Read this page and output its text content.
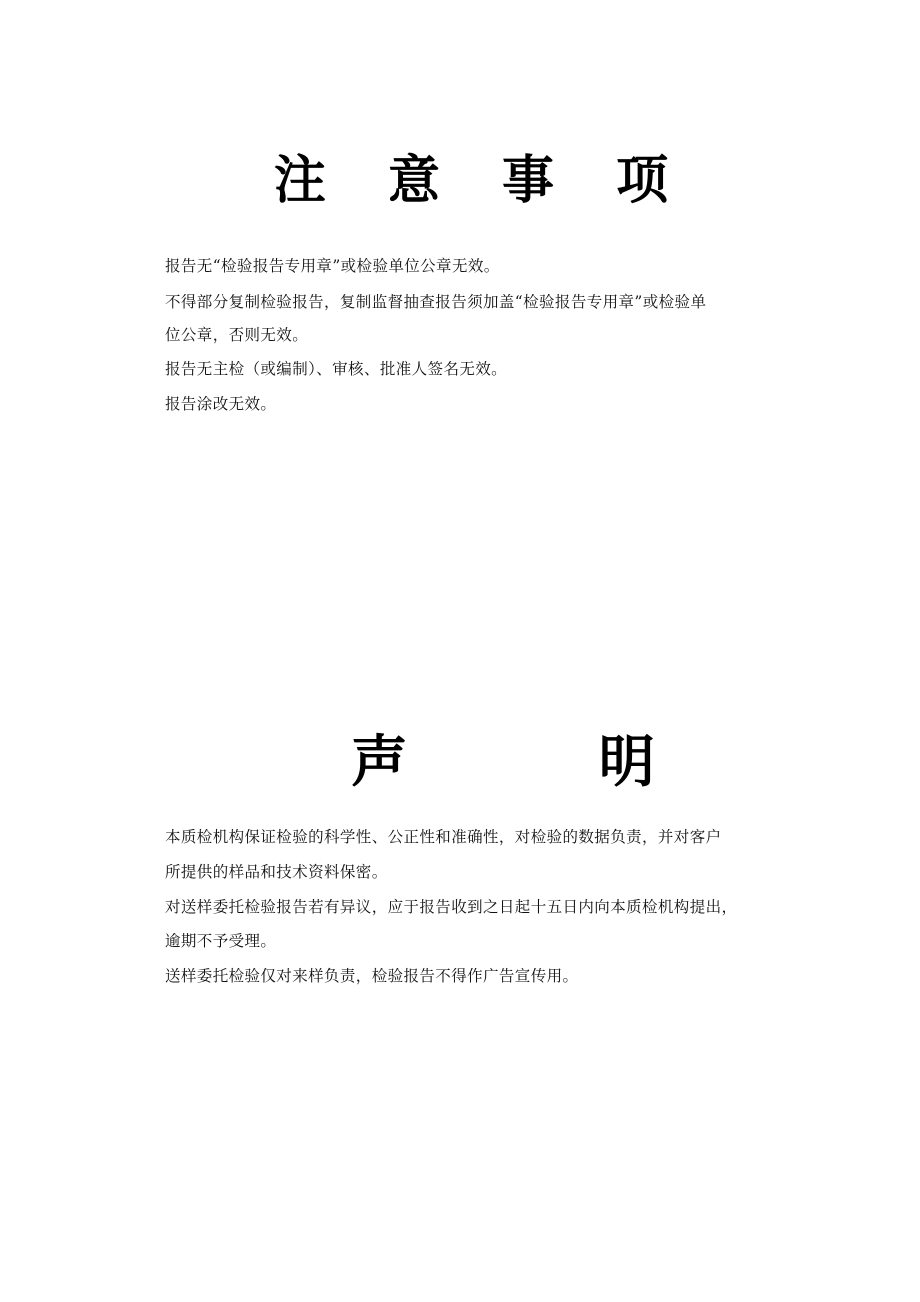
注 意 事 项

报告无“检验报告专用章”或检验单位公章无效。

不得部分复制检验报告，复制监督抽查报告须加盖“检验报告专用章”或检验单

位公章，否则无效。

报告无主检（或编制）、审核、批准人签名无效。

报告涂改无效。

声 明

本质检机构保证检验的科学性、公正性和准确性，对检验的数据负责，并对客户

所提供的样品和技术资料保密。

对送样委托检验报告若有异议，应于报告收到之日起十五日内向本质检机构提出，

逾期不予受理。

送样委托检验仅对来样负责，检验报告不得作广告宣传用。
